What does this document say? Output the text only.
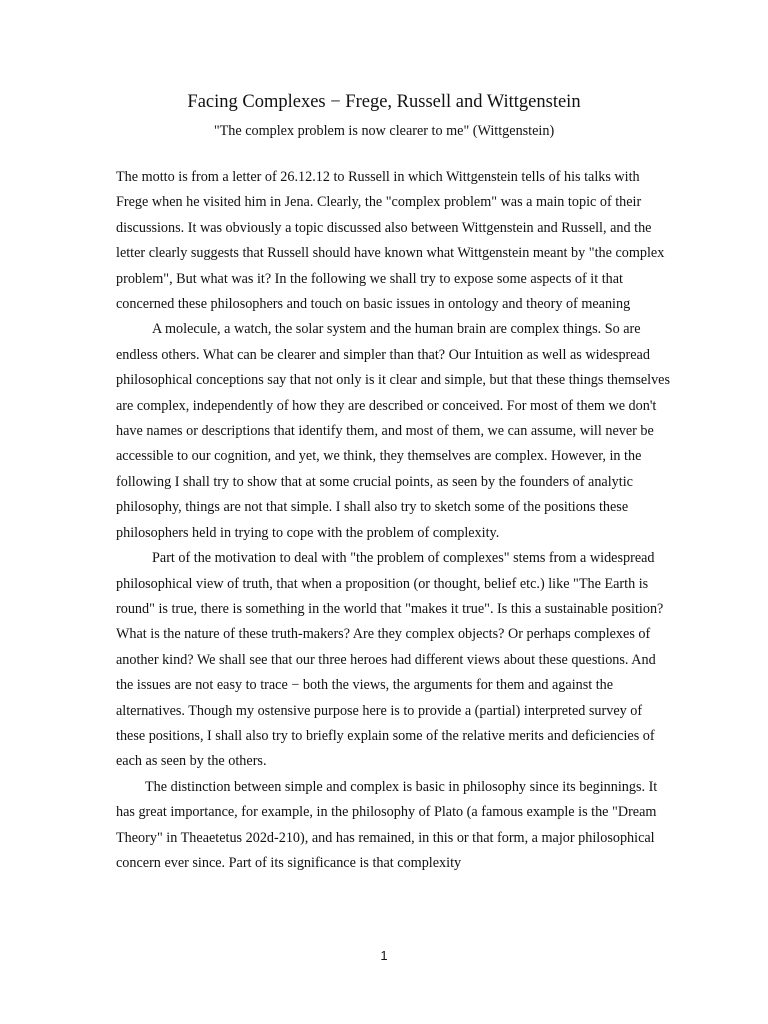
Facing Complexes − Frege, Russell and Wittgenstein
"The complex problem is now clearer to me" (Wittgenstein)

The motto is from a letter of 26.12.12 to Russell in which Wittgenstein tells of his talks with Frege when he visited him in Jena. Clearly, the "complex problem" was a main topic of their discussions. It was obviously a topic discussed also between Wittgenstein and Russell, and the letter clearly suggests that Russell should have known what Wittgenstein meant by "the complex problem", But what was it? In the following we shall try to expose some aspects of it that concerned these philosophers and touch on basic issues in ontology and theory of meaning

A molecule, a watch, the solar system and the human brain are complex things. So are endless others. What can be clearer and simpler than that? Our Intuition as well as widespread philosophical conceptions say that not only is it clear and simple, but that these things themselves are complex, independently of how they are described or conceived. For most of them we don't have names or descriptions that identify them, and most of them, we can assume, will never be accessible to our cognition, and yet, we think, they themselves are complex. However, in the following I shall try to show that at some crucial points, as seen by the founders of analytic philosophy, things are not that simple. I shall also try to sketch some of the positions these philosophers held in trying to cope with the problem of complexity.

Part of the motivation to deal with "the problem of complexes" stems from a widespread philosophical view of truth, that when a proposition (or thought, belief etc.) like "The Earth is round" is true, there is something in the world that "makes it true". Is this a sustainable position? What is the nature of these truth-makers? Are they complex objects? Or perhaps complexes of another kind? We shall see that our three heroes had different views about these questions. And the issues are not easy to trace − both the views, the arguments for them and against the alternatives. Though my ostensive purpose here is to provide a (partial) interpreted survey of these positions, I shall also try to briefly explain some of the relative merits and deficiencies of each as seen by the others.

The distinction between simple and complex is basic in philosophy since its beginnings. It has great importance, for example, in the philosophy of Plato (a famous example is the "Dream Theory" in Theaetetus 202d-210), and has remained, in this or that form, a major philosophical concern ever since. Part of its significance is that complexity

1
